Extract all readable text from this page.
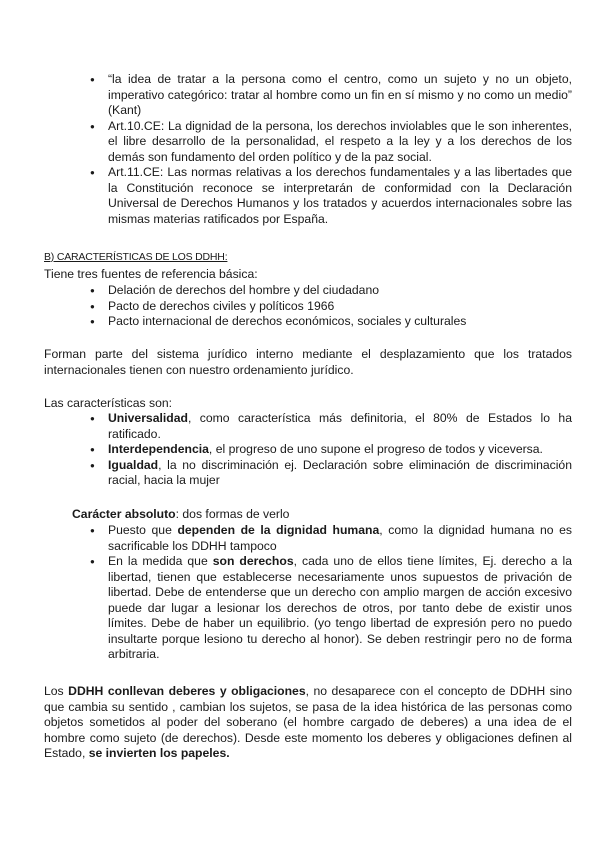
● “la idea de tratar a la persona como el centro, como un sujeto y no un objeto, imperativo categórico: tratar al hombre como un fin en sí mismo y no como un medio” (Kant)
● Art.10.CE: La dignidad de la persona, los derechos inviolables que le son inherentes, el libre desarrollo de la personalidad, el respeto a la ley y a los derechos de los demás son fundamento del orden político y de la paz social.
● Art.11.CE: Las normas relativas a los derechos fundamentales y a las libertades que la Constitución reconoce se interpretarán de conformidad con la Declaración Universal de Derechos Humanos y los tratados y acuerdos internacionales sobre las mismas materias ratificados por España.
B) CARACTERÍSTICAS DE LOS DDHH:
Tiene tres fuentes de referencia básica:
● Delación de derechos del hombre y del ciudadano
● Pacto de derechos civiles y políticos 1966
● Pacto internacional de derechos económicos, sociales y culturales
Forman parte del sistema jurídico interno mediante el desplazamiento que los tratados internacionales tienen con nuestro ordenamiento jurídico.
Las características son:
● Universalidad, como característica más definitoria, el 80% de Estados lo ha ratificado.
● Interdependencia, el progreso de uno supone el progreso de todos y viceversa.
● Igualdad, la no discriminación ej. Declaración sobre eliminación de discriminación racial, hacia la mujer
Carácter absoluto: dos formas de verlo
● Puesto que dependen de la dignidad humana, como la dignidad humana no es sacrificable los DDHH tampoco
● En la medida que son derechos, cada uno de ellos tiene límites, Ej. derecho a la libertad, tienen que establecerse necesariamente unos supuestos de privación de libertad. Debe de entenderse que un derecho con amplio margen de acción excesivo puede dar lugar a lesionar los derechos de otros, por tanto debe de existir unos límites. Debe de haber un equilibrio. (yo tengo libertad de expresión pero no puedo insultarte porque lesiono tu derecho al honor). Se deben restringir pero no de forma arbitraria.
Los DDHH conllevan deberes y obligaciones, no desaparece con el concepto de DDHH sino que cambia su sentido , cambian los sujetos, se pasa de la idea histórica de las personas como objetos sometidos al poder del soberano (el hombre cargado de deberes) a una idea de el hombre como sujeto (de derechos). Desde este momento los deberes y obligaciones definen al Estado, se invierten los papeles.
